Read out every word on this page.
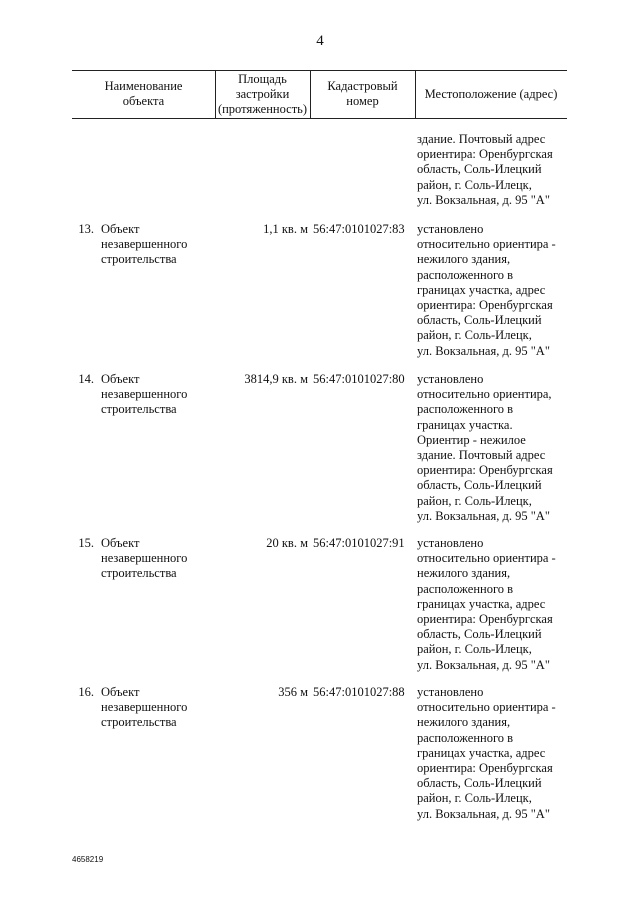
4
Наименование
объекта
Площадь
застройки
(протяженность)
Кадастровый
номер
Местоположение (адрес)
здание. Почтовый адрес
ориентира: Оренбургская
область, Соль-Илецкий
район, г. Соль-Илецк,
ул. Вокзальная, д. 95 "А"
13. Объект
незавершенного
строительства
1,1 кв. м 56:47:0101027:83 установлено
относительно ориентира -
нежилого здания,
расположенного в
границах участка, адрес
ориентира: Оренбургская
область, Соль-Илецкий
район, г. Соль-Илецк,
ул. Вокзальная, д. 95 "А"
14. Объект
незавершенного
строительства
3814,9 кв. м 56:47:0101027:80 установлено
относительно ориентира,
расположенного в
границах участка.
Ориентир - нежилое
здание. Почтовый адрес
ориентира: Оренбургская
область, Соль-Илецкий
район, г. Соль-Илецк,
ул. Вокзальная, д. 95 "А"
15. Объект
незавершенного
строительства
20 кв. м 56:47:0101027:91 установлено
относительно ориентира -
нежилого здания,
расположенного в
границах участка, адрес
ориентира: Оренбургская
область, Соль-Илецкий
район, г. Соль-Илецк,
ул. Вокзальная, д. 95 "А"
16. Объект
незавершенного
строительства
356 м 56:47:0101027:88 установлено
относительно ориентира -
нежилого здания,
расположенного в
границах участка, адрес
ориентира: Оренбургская
область, Соль-Илецкий
район, г. Соль-Илецк,
ул. Вокзальная, д. 95 "А"
4658219
